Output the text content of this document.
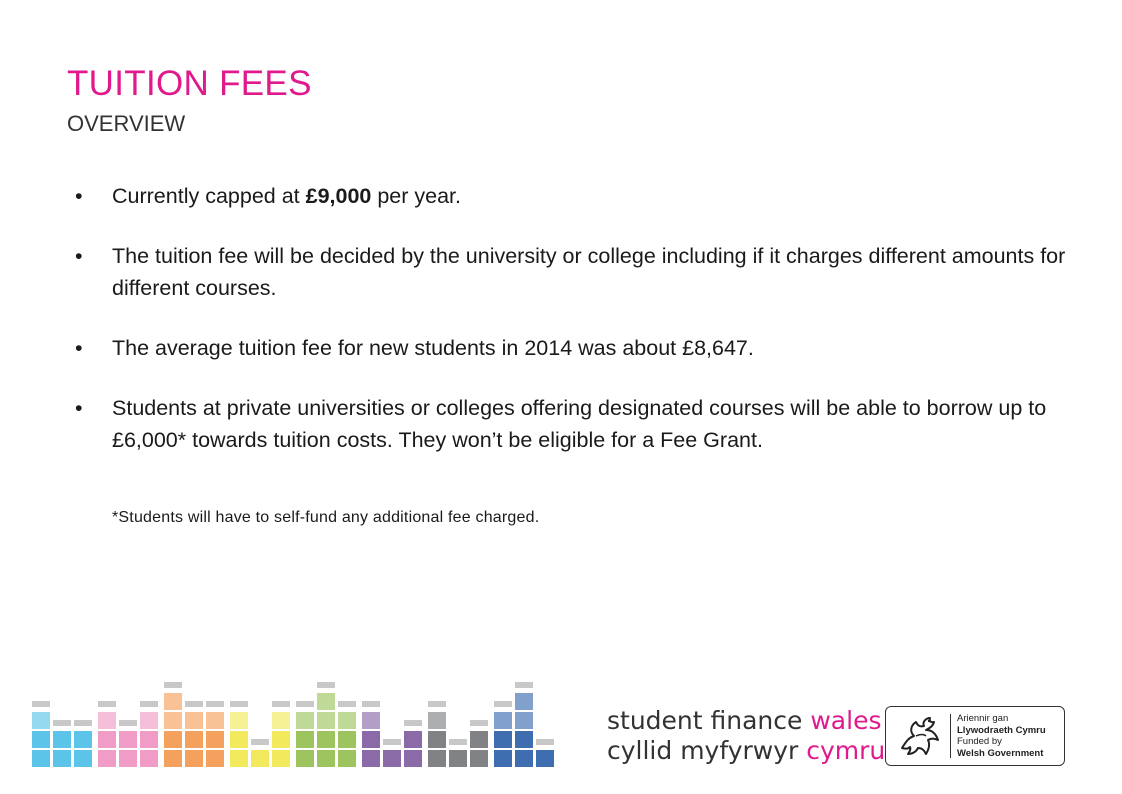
TUITION FEES
OVERVIEW
• Currently capped at £9,000 per year.
• The tuition fee will be decided by the university or college including if it charges different amounts for different courses.
• The average tuition fee for new students in 2014 was about £8,647.
• Students at private universities or colleges offering designated courses will be able to borrow up to £6,000* towards tuition costs. They won’t be eligible for a Fee Grant.
*Students will have to self-fund any additional fee charged.
student finance wales
cyllid myfyrwyr cymru
Ariennir gan
Llywodraeth Cymru
Funded by
Welsh Government
